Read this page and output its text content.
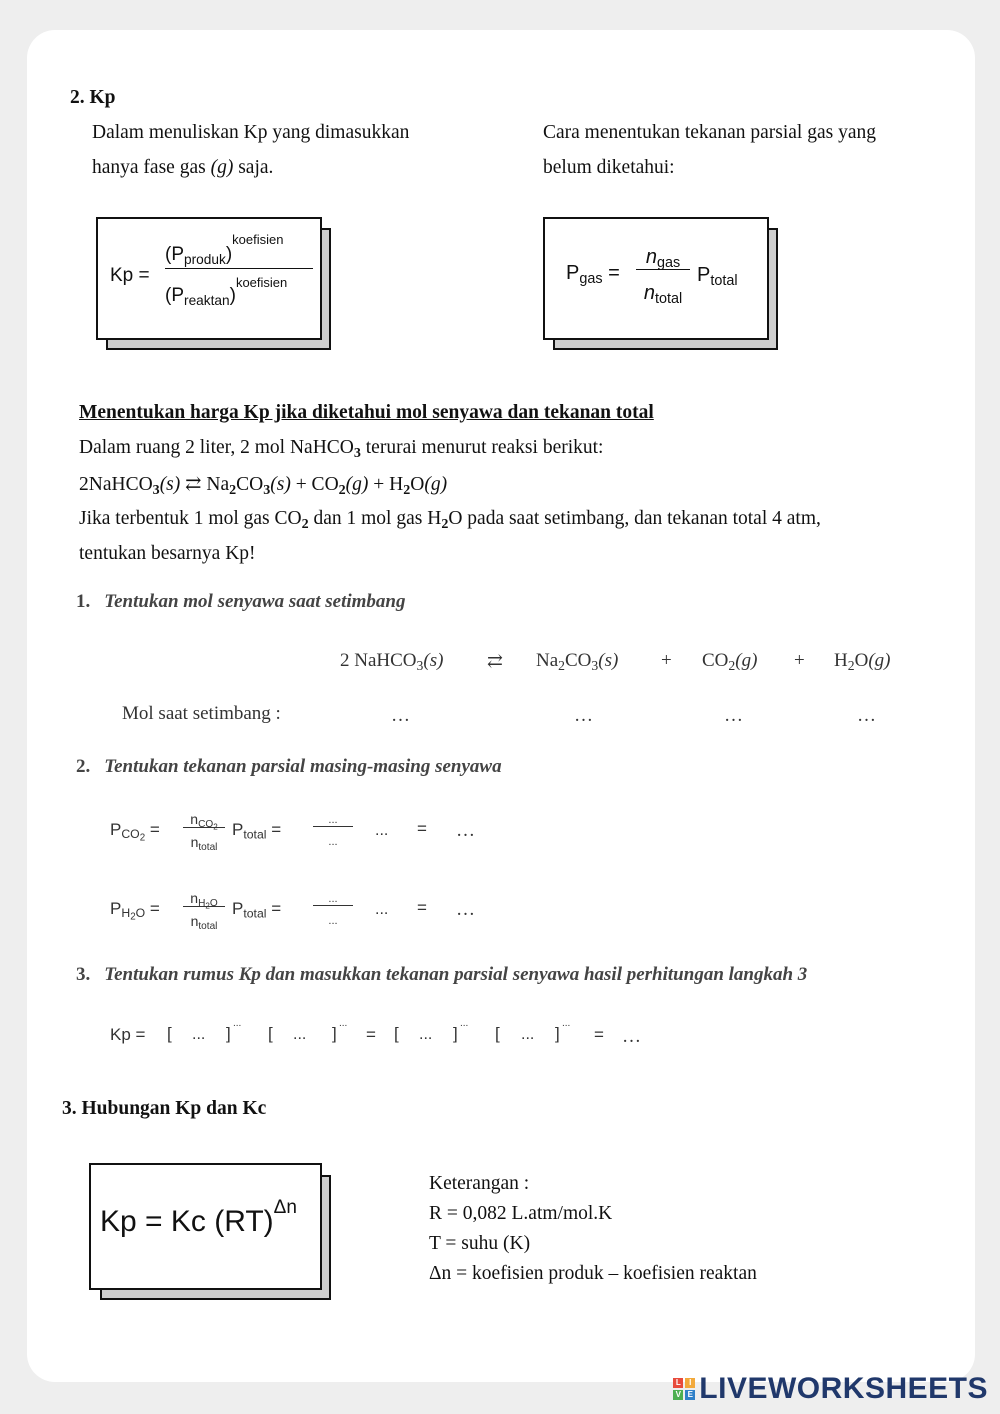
2. Kp
Dalam menuliskan Kp yang dimasukkan
hanya fase gas (g) saja.
Cara menentukan tekanan parsial gas yang
belum diketahui:
Kp =
$(P_{produk})^{koefisien}$
$(P_{reaktan})^{koefisien}$	$P_{gas}$ =
$n_{gas}$
$n_{total}$
$P_{total}$
Menentukan harga Kp jika diketahui mol senyawa dan tekanan total
Dalam ruang 2 liter, 2 mol NaHCO$_3$ terurai menurut reaksi berikut:
2NaHCO$_3$(s) ⇄ $Na_2CO_3(s) + CO_2(g) + H_2O(g)$
Jika terbentuk 1 mol gas $CO_2$ dan 1 mol gas $H_2O$ pada saat setimbang, dan tekanan total 4 atm,
tentukan besarnya Kp!
1. Tentukan mol senyawa saat setimbang
2 NaHCO$_3$(s) ⇄ $Na_2CO_3(s) + CO_2(g) + H_2O(g)$
Mol saat setimbang :	…	…	…	…
2. Tentukan tekanan parsial masing-masing senyawa
$P_{CO_2}$ =
$n_{CO_2}$
$n_{total}$
$P_{total}$ =	...
...
... = …
$P_{H_2O}$ =
$n_{H_2O}$
$n_{total}$
$P_{total}$ =	...
...
... = …
3. Tentukan rumus Kp dan masukkan tekanan parsial senyawa hasil perhitungan langkah 3
Kp = [ ... ]
...
[ ... ]
...
= [ ... ]
...
[ ... ]
...
= …
3. Hubungan Kp dan Kc
Kp = Kc (RT)$^{\Delta n}$
Keterangan :
R = 0,082 L.atm/mol.K
T = suhu (K)
Δn = koefisien produk – koefisien reaktan
L	I
V E LIVEWORKSHEETS
